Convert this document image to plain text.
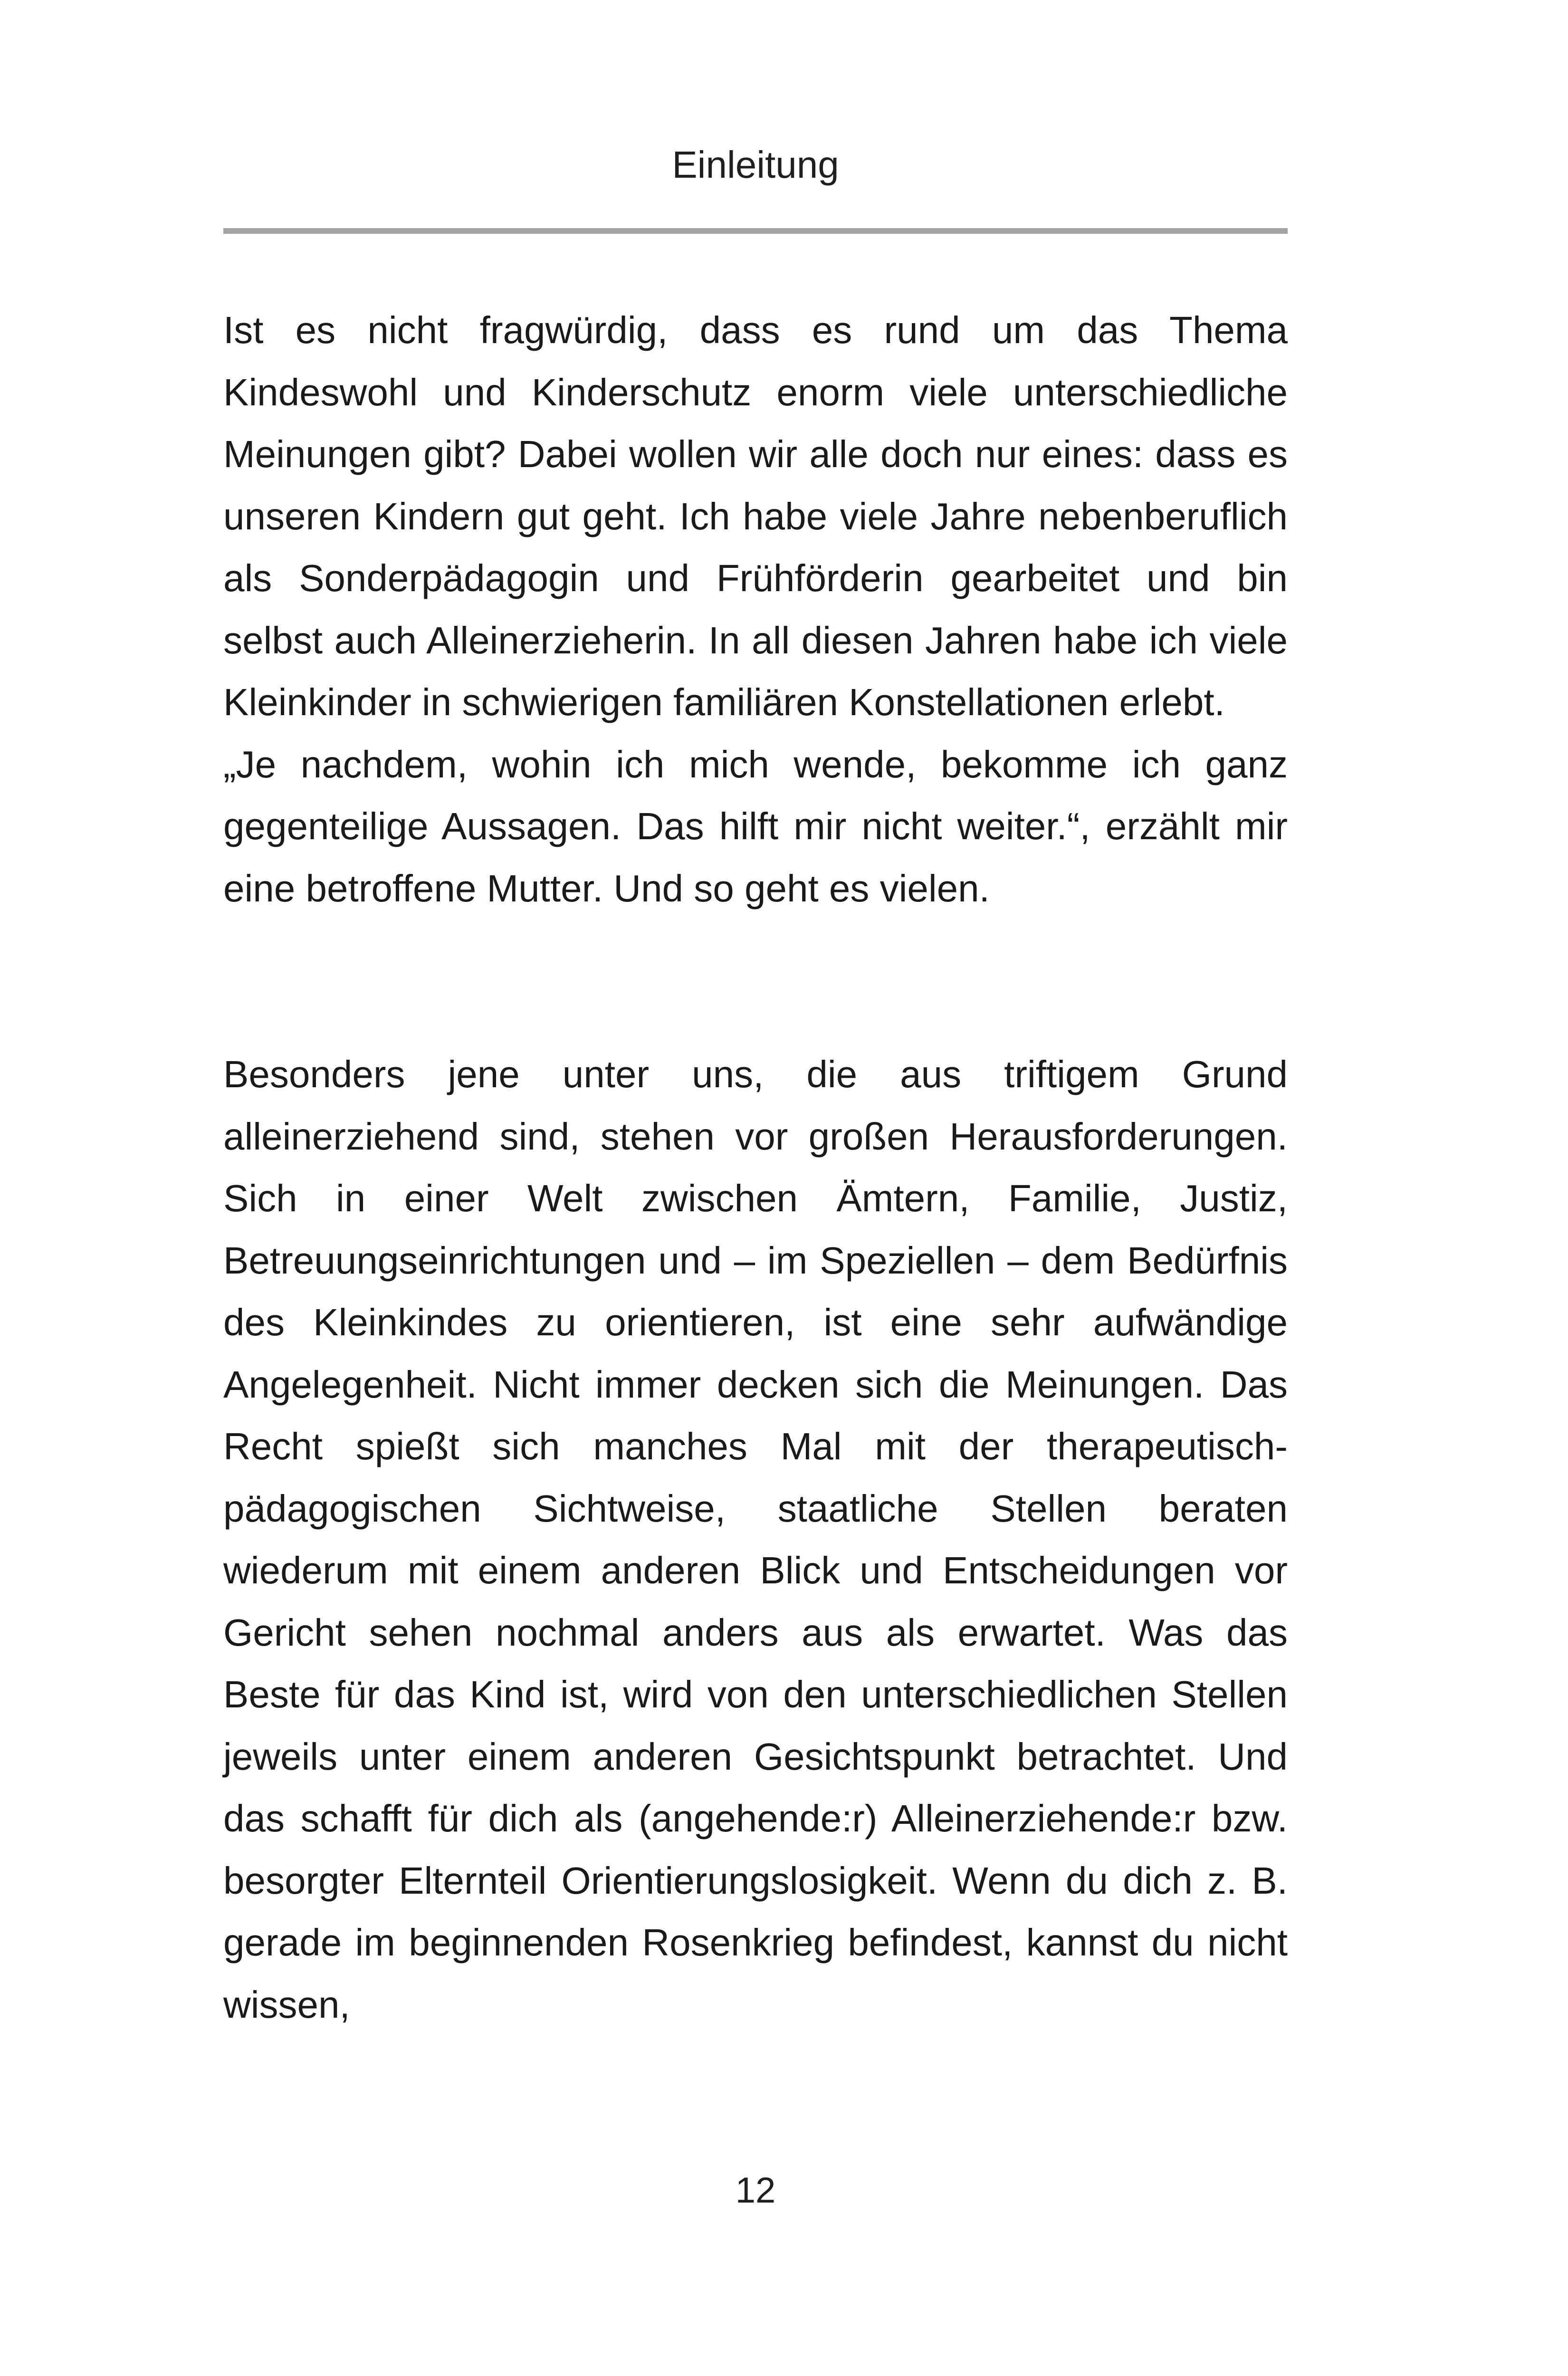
Einleitung

Ist es nicht fragwürdig, dass es rund um das Thema Kindeswohl und Kinderschutz enorm viele unterschiedliche Meinungen gibt? Dabei wollen wir alle doch nur eines: dass es unseren Kindern gut geht. Ich habe viele Jahre nebenberuflich als Sonderpädagogin und Frühförderin gearbeitet und bin selbst auch Alleinerzieherin. In all diesen Jahren habe ich viele Kleinkinder in schwierigen familiären Konstellationen erlebt.

„Je nachdem, wohin ich mich wende, bekomme ich ganz gegenteilige Aussagen. Das hilft mir nicht weiter.“, erzählt mir eine betroffene Mutter. Und so geht es vielen.

Besonders jene unter uns, die aus triftigem Grund alleinerziehend sind, stehen vor großen Herausforderungen. Sich in einer Welt zwischen Ämtern, Familie, Justiz, Betreuungseinrichtungen und – im Speziellen – dem Bedürfnis des Kleinkindes zu orientieren, ist eine sehr aufwändige Angelegenheit. Nicht immer decken sich die Meinungen. Das Recht spießt sich manches Mal mit der therapeutisch-pädagogischen Sichtweise, staatliche Stellen beraten wiederum mit einem anderen Blick und Entscheidungen vor Gericht sehen nochmal anders aus als erwartet. Was das Beste für das Kind ist, wird von den unterschiedlichen Stellen jeweils unter einem anderen Gesichtspunkt betrachtet. Und das schafft für dich als (angehende:r) Alleinerziehende:r bzw. besorgter Elternteil Orientierungslosigkeit. Wenn du dich z. B. gerade im beginnenden Rosenkrieg befindest, kannst du nicht wissen,

12
